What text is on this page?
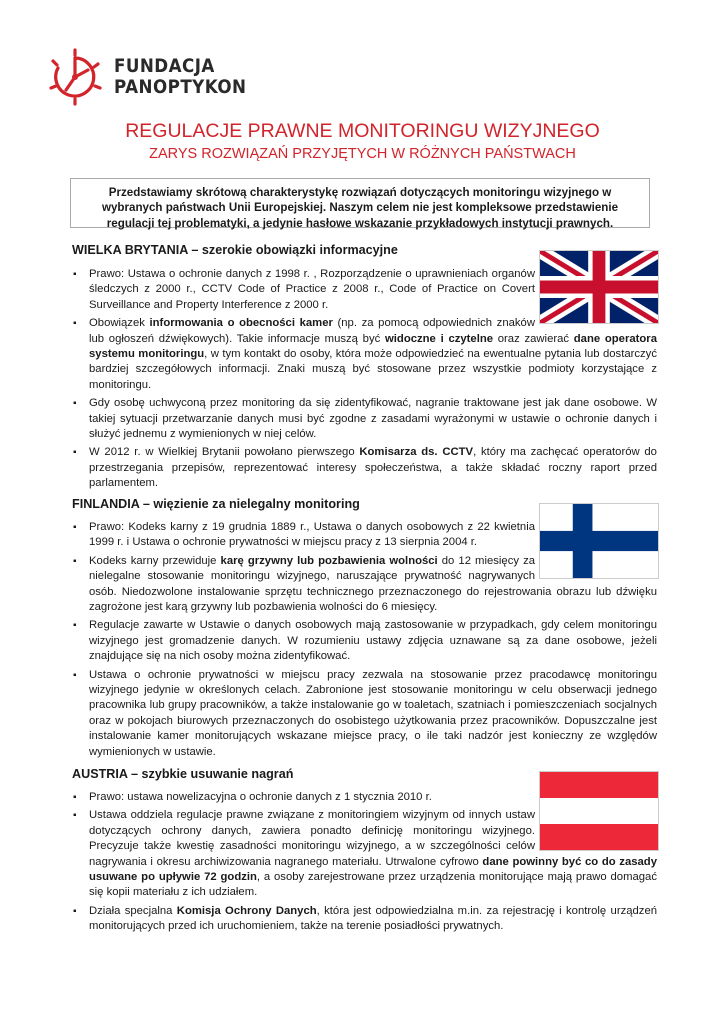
FUNDACJA
PANOPTYKON
REGULACJE PRAWNE MONITORINGU WIZYJNEGO
ZARYS ROZWIĄZAŃ PRZYJĘTYCH W RÓŻNYCH PAŃSTWACH
Przedstawiamy skrótową charakterystykę rozwiązań dotyczących monitoringu wizyjnego w wybranych państwach Unii Europejskiej. Naszym celem nie jest kompleksowe przedstawienie regulacji tej problematyki, a jedynie hasłowe wskazanie przykładowych instytucji prawnych.
WIELKA BRYTANIA – szerokie obowiązki informacyjne
▪ Prawo: Ustawa o ochronie danych z 1998 r. , Rozporządzenie o uprawnieniach organów śledczych z 2000 r., CCTV Code of Practice z 2008 r., Code of Practice on Covert Surveillance and Property Interference z 2000 r.
▪ Obowiązek informowania o obecności kamer (np. za pomocą odpowiednich znaków lub ogłoszeń dźwiękowych). Takie informacje muszą być widoczne i czytelne oraz zawierać dane operatora systemu monitoringu, w tym kontakt do osoby, która może odpowiedzieć na ewentualne pytania lub dostarczyć bardziej szczegółowych informacji. Znaki muszą być stosowane przez wszystkie podmioty korzystające z monitoringu.
▪ Gdy osobę uchwyconą przez monitoring da się zidentyfikować, nagranie traktowane jest jak dane osobowe. W takiej sytuacji przetwarzanie danych musi być zgodne z zasadami wyrażonymi w ustawie o ochronie danych i służyć jednemu z wymienionych w niej celów.
▪ W 2012 r. w Wielkiej Brytanii powołano pierwszego Komisarza ds. CCTV, który ma zachęcać operatorów do przestrzegania przepisów, reprezentować interesy społeczeństwa, a także składać roczny raport przed parlamentem.
FINLANDIA – więzienie za nielegalny monitoring
▪ Prawo: Kodeks karny z 19 grudnia 1889 r., Ustawa o danych osobowych z 22 kwietnia 1999 r. i Ustawa o ochronie prywatności w miejscu pracy z 13 sierpnia 2004 r.
▪ Kodeks karny przewiduje karę grzywny lub pozbawienia wolności do 12 miesięcy za nielegalne stosowanie monitoringu wizyjnego, naruszające prywatność nagrywanych osób. Niedozwolone instalowanie sprzętu technicznego przeznaczonego do rejestrowania obrazu lub dźwięku zagrożone jest karą grzywny lub pozbawienia wolności do 6 miesięcy.
▪ Regulacje zawarte w Ustawie o danych osobowych mają zastosowanie w przypadkach, gdy celem monitoringu wizyjnego jest gromadzenie danych. W rozumieniu ustawy zdjęcia uznawane są za dane osobowe, jeżeli znajdujące się na nich osoby można zidentyfikować.
▪ Ustawa o ochronie prywatności w miejscu pracy zezwala na stosowanie przez pracodawcę monitoringu wizyjnego jedynie w określonych celach. Zabronione jest stosowanie monitoringu w celu obserwacji jednego pracownika lub grupy pracowników, a także instalowanie go w toaletach, szatniach i pomieszczeniach socjalnych oraz w pokojach biurowych przeznaczonych do osobistego użytkowania przez pracowników. Dopuszczalne jest instalowanie kamer monitorujących wskazane miejsce pracy, o ile taki nadzór jest konieczny ze względów wymienionych w ustawie.
AUSTRIA – szybkie usuwanie nagrań
▪ Prawo: ustawa nowelizacyjna o ochronie danych z 1 stycznia 2010 r.
▪ Ustawa oddziela regulacje prawne związane z monitoringiem wizyjnym od innych ustaw dotyczących ochrony danych, zawiera ponadto definicję monitoringu wizyjnego. Precyzuje także kwestię zasadności monitoringu wizyjnego, a w szczególności celów nagrywania i okresu archiwizowania nagranego materiału. Utrwalone cyfrowo dane powinny być co do zasady usuwane po upływie 72 godzin, a osoby zarejestrowane przez urządzenia monitorujące mają prawo domagać się kopii materiału z ich udziałem.
▪ Działa specjalna Komisja Ochrony Danych, która jest odpowiedzialna m.in. za rejestrację i kontrolę urządzeń monitorujących przed ich uruchomieniem, także na terenie posiadłości prywatnych.
